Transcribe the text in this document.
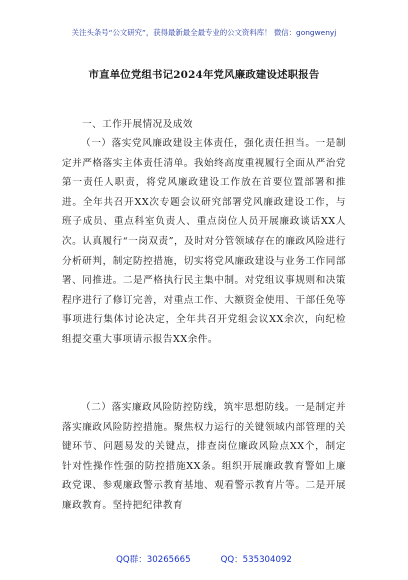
关注头条号“公文研究”，获得最新最全最专业的公文资料库！ 微信：gongwenyj
市直单位党组书记2024年党风廉政建设述职报告
一、工作开展情况及成效

（一）落实党风廉政建设主体责任，强化责任担当。一是制定并严格落实主体责任清单。我始终高度重视履行全面从严治党第一责任人职责，将党风廉政建设工作放在首要位置部署和推进。全年共召开XX次专题会议研究部署党风廉政建设工作，与班子成员、重点科室负责人、重点岗位人员开展廉政谈话XX人次。认真履行“一岗双责”，及时对分管领域存在的廉政风险进行分析研判，制定防控措施，切实将党风廉政建设与业务工作同部署、同推进。二是严格执行民主集中制。对党组议事规则和决策程序进行了修订完善，对重点工作、大额资金使用、干部任免等事项进行集体讨论决定，全年共召开党组会议XX余次，向纪检组提交重大事项请示报告XX余件。

（二）落实廉政风险防控防线，筑牢思想防线。一是制定并落实廉政风险防控措施。聚焦权力运行的关键领域内部管理的关键环节、问题易发的关键点，排查岗位廉政风险点XX个，制定针对性操作性强的防控措施XX条。组织开展廉政教育警如上廉政党课、参观廉政警示教育基地、观看警示教育片等。二是开展廉政教育。坚持把纪律教育

QQ群：30265665	QQ：535304092
